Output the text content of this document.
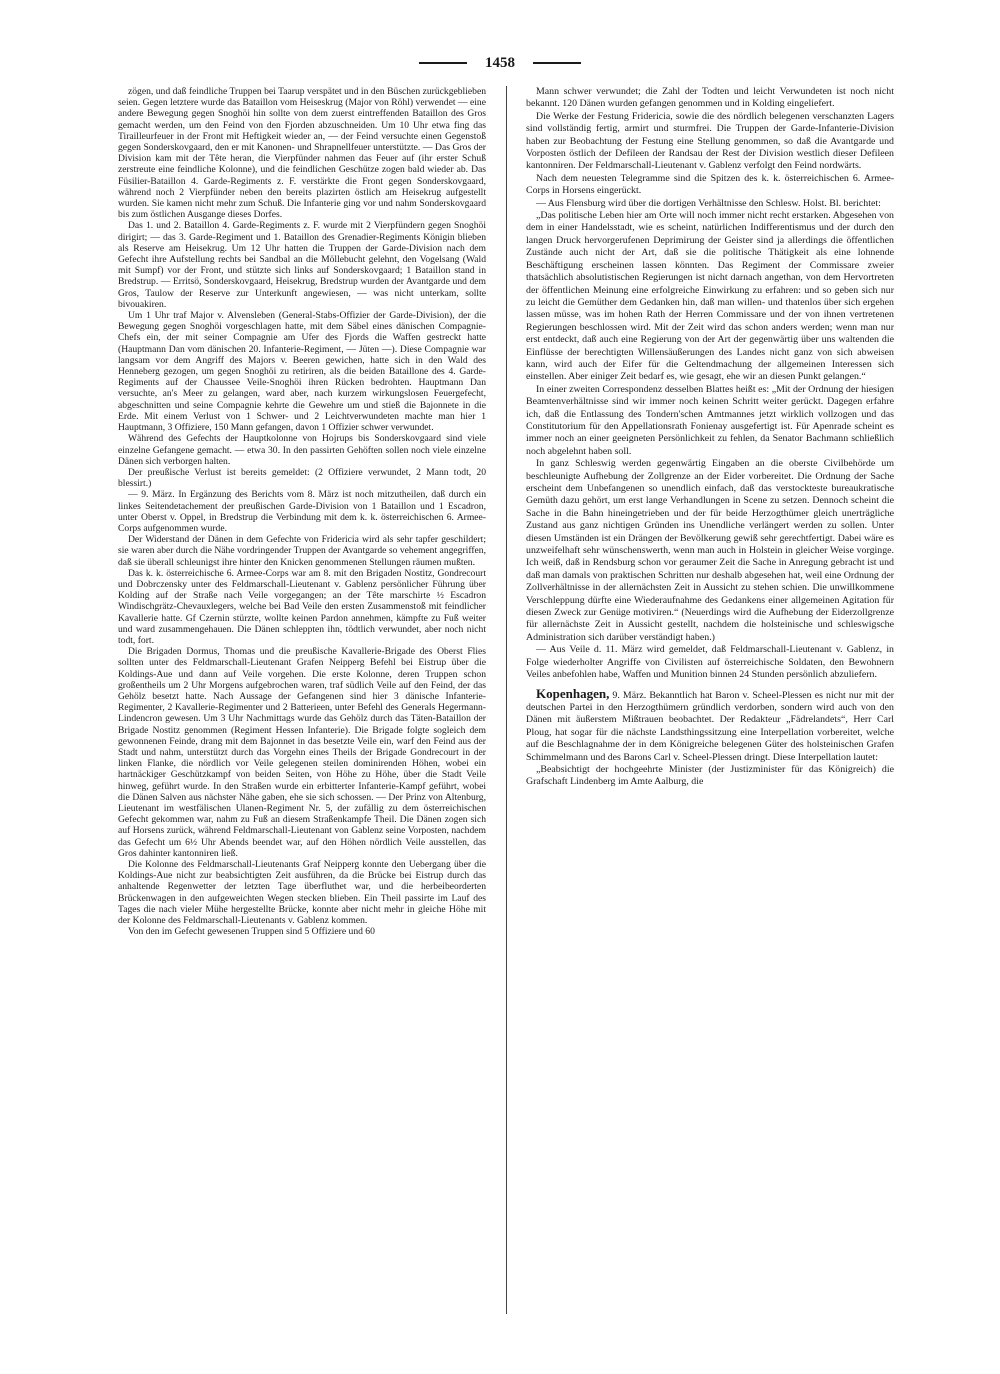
1458

zögen, und daß feindliche Truppen bei Taarup verspätet und in den Büschen zurückgeblieben seien. Gegen letztere wurde das Bataillon vom Heiseskrug (Major von Röhl) verwendet — eine andere Bewegung gegen Snoghöi hin sollte von dem zuerst eintreffenden Bataillon des Gros gemacht werden, um den Feind von den Fjorden abzuschneiden. Um 10 Uhr etwa fing das Tirailleurfeuer in der Front mit Heftigkeit wieder an, — der Feind versuchte einen Gegenstoß gegen Sonderskovgaard, den er mit Kanonen- und Shrapnellfeuer unterstützte. — Das Gros der Division kam mit der Tête heran, die Vierpfünder nahmen das Feuer auf (ihr erster Schuß zerstreute eine feindliche Kolonne), und die feindlichen Geschütze zogen bald wieder ab. Das Füsilier-Bataillon 4. Garde-Regiments z. F. verstärkte die Front gegen Sonderskovgaard, während noch 2 Vierpfünder neben den bereits plazirten östlich am Heisekrug aufgestellt wurden. Sie kamen nicht mehr zum Schuß. Die Infanterie ging vor und nahm Sonderskovgaard bis zum östlichen Ausgange dieses Dorfes.

Das 1. und 2. Bataillon 4. Garde-Regiments z. F. wurde mit 2 Vierpfündern gegen Snoghöi dirigirt; — das 3. Garde-Regiment und 1. Bataillon des Grenadier-Regiments Königin blieben als Reserve am Heisekrug. Um 12 Uhr hatten die Truppen der Garde-Division nach dem Gefecht ihre Aufstellung rechts bei Sandbal an die Möllebucht gelehnt, den Vogelsang (Wald mit Sumpf) vor der Front, und stützte sich links auf Sonderskovgaard; 1 Bataillon stand in Bredstrup. — Erritsö, Sonderskovgaard, Heisekrug, Bredstrup wurden der Avantgarde und dem Gros, Taulow der Reserve zur Unterkunft angewiesen, — was nicht unterkam, sollte bivouakiren.

Um 1 Uhr traf Major v. Alvensleben (General-Stabs-Offizier der Garde-Division), der die Bewegung gegen Snoghöi vorgeschlagen hatte, mit dem Säbel eines dänischen Compagnie-Chefs ein, der mit seiner Compagnie am Ufer des Fjords die Waffen gestreckt hatte (Hauptmann Dan vom dänischen 20. Infanterie-Regiment, — Jüten —). Diese Compagnie war langsam vor dem Angriff des Majors v. Beeren gewichen, hatte sich in den Wald des Henneberg gezogen, um gegen Snoghöi zu retiriren, als die beiden Bataillone des 4. Garde-Regiments auf der Chaussee Veile-Snoghöi ihren Rücken bedrohten. Hauptmann Dan versuchte, an's Meer zu gelangen, ward aber, nach kurzem wirkungslosen Feuergefecht, abgeschnitten und seine Compagnie kehrte die Gewehre um und stieß die Bajonnete in die Erde. Mit einem Verlust von 1 Schwer- und 2 Leichtverwundeten machte man hier 1 Hauptmann, 3 Offiziere, 150 Mann gefangen, davon 1 Offizier schwer verwundet.

Während des Gefechts der Hauptkolonne von Hojrups bis Sonderskovgaard sind viele einzelne Gefangene gemacht. — etwa 30. In den passirten Gehöften sollen noch viele einzelne Dänen sich verborgen halten.

Der preußische Verlust ist bereits gemeldet: (2 Offiziere verwundet, 2 Mann todt, 20 blessirt.)

— 9. März. In Ergänzung des Berichts vom 8. März ist noch mitzutheilen, daß durch ein linkes Seitendetachement der preußischen Garde-Division von 1 Bataillon und 1 Escadron, unter Oberst v. Oppel, in Bredstrup die Verbindung mit dem k. k. österreichischen 6. Armee-Corps aufgenommen wurde.

Der Widerstand der Dänen in dem Gefechte von Fridericia wird als sehr tapfer geschildert; sie waren aber durch die Nähe vordringender Truppen der Avantgarde so vehement angegriffen, daß sie überall schleunigst ihre hinter den Knicken genommenen Stellungen räumen mußten.

Das k. k. österreichische 6. Armee-Corps war am 8. mit den Brigaden Nostitz, Gondrecourt und Dobrczensky unter des Feldmarschall-Lieutenant v. Gablenz persönlicher Führung über Kolding auf der Straße nach Veile vorgegangen; an der Tête marschirte ½ Escadron Windischgrätz-Chevauxlegers, welche bei Bad Veile den ersten Zusammenstoß mit feindlicher Kavallerie hatte. Gf Czernin stürzte, wollte keinen Pardon annehmen, kämpfte zu Fuß weiter und ward zusammengehauen. Die Dänen schleppten ihn, tödtlich verwundet, aber noch nicht todt, fort.

Die Brigaden Dormus, Thomas und die preußische Kavallerie-Brigade des Oberst Flies sollten unter des Feldmarschall-Lieutenant Grafen Neipperg Befehl bei Eistrup über die Koldings-Aue und dann auf Veile vorgehen. Die erste Kolonne, deren Truppen schon großentheils um 2 Uhr Morgens aufgebrochen waren, traf südlich Veile auf den Feind, der das Gehölz besetzt hatte. Nach Aussage der Gefangenen sind hier 3 dänische Infanterie-Regimenter, 2 Kavallerie-Regimenter und 2 Batterieen, unter Befehl des Generals Hegermann-Lindencron gewesen. Um 3 Uhr Nachmittags wurde das Gehölz durch das Täten-Bataillon der Brigade Nostitz genommen (Regiment Hessen Infanterie). Die Brigade folgte sogleich dem gewonnenen Feinde, drang mit dem Bajonnet in das besetzte Veile ein, warf den Feind aus der Stadt und nahm, unterstützt durch das Vorgehn eines Theils der Brigade Gondrecourt in der linken Flanke, die nördlich vor Veile gelegenen steilen dominirenden Höhen, wobei ein hartnäckiger Geschützkampf von beiden Seiten, von Höhe zu Höhe, über die Stadt Veile hinweg, geführt wurde. In den Straßen wurde ein erbitterter Infanterie-Kampf geführt, wobei die Dänen Salven aus nächster Nähe gaben, ehe sie sich schossen. — Der Prinz von Altenburg, Lieutenant im westfälischen Ulanen-Regiment Nr. 5, der zufällig zu dem österreichischen Gefecht gekommen war, nahm zu Fuß an diesem Straßenkampfe Theil. Die Dänen zogen sich auf Horsens zurück, während Feldmarschall-Lieutenant von Gablenz seine Vorposten, nachdem das Gefecht um 6½ Uhr Abends beendet war, auf den Höhen nördlich Veile ausstellen, das Gros dahinter kantonniren ließ.

Die Kolonne des Feldmarschall-Lieutenants Graf Neipperg konnte den Uebergang über die Koldings-Aue nicht zur beabsichtigten Zeit ausführen, da die Brücke bei Eistrup durch das anhaltende Regenwetter der letzten Tage überfluthet war, und die herbeibeorderten Brückenwagen in den aufgeweichten Wegen stecken blieben. Ein Theil passirte im Lauf des Tages die nach vieler Mühe hergestellte Brücke, konnte aber nicht mehr in gleiche Höhe mit der Kolonne des Feldmarschall-Lieutenants v. Gablenz kommen.

Von den im Gefecht gewesenen Truppen sind 5 Offiziere und 60

Mann schwer verwundet; die Zahl der Todten und leicht Verwundeten ist noch nicht bekannt. 120 Dänen wurden gefangen genommen und in Kolding eingeliefert.

Die Werke der Festung Fridericia, sowie die des nördlich belegenen verschanzten Lagers sind vollständig fertig, armirt und sturmfrei. Die Truppen der Garde-Infanterie-Division haben zur Beobachtung der Festung eine Stellung genommen, so daß die Avantgarde und Vorposten östlich der Defileen der Randsau der Rest der Division westlich dieser Defileen kantonniren. Der Feldmarschall-Lieutenant v. Gablenz verfolgt den Feind nordwärts.

Nach dem neuesten Telegramme sind die Spitzen des k. k. österreichischen 6. Armee-Corps in Horsens eingerückt.

— Aus Flensburg wird über die dortigen Verhältnisse den Schlesw. Holst. Bl. berichtet:

„Das politische Leben hier am Orte will noch immer nicht recht erstarken. Abgesehen von dem in einer Handelsstadt, wie es scheint, natürlichen Indifferentismus und der durch den langen Druck hervorgerufenen Deprimirung der Geister sind ja allerdings die öffentlichen Zustände auch nicht der Art, daß sie die politische Thätigkeit als eine lohnende Beschäftigung erscheinen lassen könnten. Das Regiment der Commissare zweier thatsächlich absolutistischen Regierungen ist nicht darnach angethan, von dem Hervortreten der öffentlichen Meinung eine erfolgreiche Einwirkung zu erfahren: und so geben sich nur zu leicht die Gemüther dem Gedanken hin, daß man willen- und thatenlos über sich ergehen lassen müsse, was im hohen Rath der Herren Commissare und der von ihnen vertretenen Regierungen beschlossen wird. Mit der Zeit wird das schon anders werden; wenn man nur erst entdeckt, daß auch eine Regierung von der Art der gegenwärtig über uns waltenden die Einflüsse der berechtigten Willensäußerungen des Landes nicht ganz von sich abweisen kann, wird auch der Eifer für die Geltendmachung der allgemeinen Interessen sich einstellen. Aber einiger Zeit bedarf es, wie gesagt, ehe wir an diesen Punkt gelangen.“

In einer zweiten Correspondenz desselben Blattes heißt es: „Mit der Ordnung der hiesigen Beamtenverhältnisse sind wir immer noch keinen Schritt weiter gerückt. Dagegen erfahre ich, daß die Entlassung des Tondern'schen Amtmannes jetzt wirklich vollzogen und das Constitutorium für den Appellationsrath Fonienay ausgefertigt ist. Für Apenrade scheint es immer noch an einer geeigneten Persönlichkeit zu fehlen, da Senator Bachmann schließlich noch abgelehnt haben soll.

In ganz Schleswig werden gegenwärtig Eingaben an die oberste Civilbehörde um beschleunigte Aufhebung der Zollgrenze an der Eider vorbereitet. Die Ordnung der Sache erscheint dem Unbefangenen so unendlich einfach, daß das verstockteste bureaukratische Gemüth dazu gehört, um erst lange Verhandlungen in Scene zu setzen. Dennoch scheint die Sache in die Bahn hineingetrieben und der für beide Herzogthümer gleich unerträgliche Zustand aus ganz nichtigen Gründen ins Unendliche verlängert werden zu sollen. Unter diesen Umständen ist ein Drängen der Bevölkerung gewiß sehr gerechtfertigt. Dabei wäre es unzweifelhaft sehr wünschenswerth, wenn man auch in Holstein in gleicher Weise vorginge. Ich weiß, daß in Rendsburg schon vor geraumer Zeit die Sache in Anregung gebracht ist und daß man damals von praktischen Schritten nur deshalb abgesehen hat, weil eine Ordnung der Zollverhältnisse in der allernächsten Zeit in Aussicht zu stehen schien. Die unwillkommene Verschleppung dürfte eine Wiederaufnahme des Gedankens einer allgemeinen Agitation für diesen Zweck zur Genüge motiviren.“ (Neuerdings wird die Aufhebung der Eiderzollgrenze für allernächste Zeit in Aussicht gestellt, nachdem die holsteinische und schleswigsche Administration sich darüber verständigt haben.)

— Aus Veile d. 11. März wird gemeldet, daß Feldmarschall-Lieutenant v. Gablenz, in Folge wiederholter Angriffe von Civilisten auf österreichische Soldaten, den Bewohnern Veiles anbefohlen habe, Waffen und Munition binnen 24 Stunden persönlich abzuliefern.

Kopenhagen, 9. März. Bekanntlich hat Baron v. Scheel-Plessen es nicht nur mit der deutschen Partei in den Herzogthümern gründlich verdorben, sondern wird auch von den Dänen mit äußerstem Mißtrauen beobachtet. Der Redakteur „Fädrelandets“, Herr Carl Ploug, hat sogar für die nächste Landsthingssitzung eine Interpellation vorbereitet, welche auf die Beschlagnahme der in dem Königreiche belegenen Güter des holsteinischen Grafen Schimmelmann und des Barons Carl v. Scheel-Plessen dringt. Diese Interpellation lautet:

„Beabsichtigt der hochgeehrte Minister (der Justizminister für das Königreich) die Grafschaft Lindenberg im Amte Aalburg, die
